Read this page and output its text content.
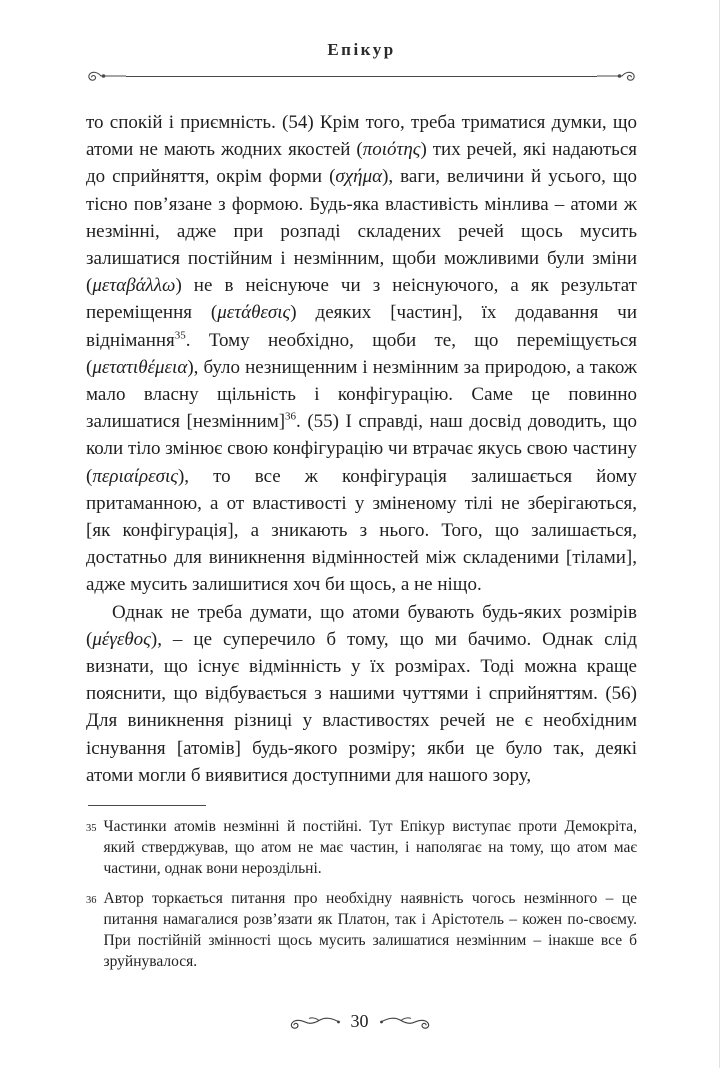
Епікур

то спокій і приємність. (54) Крім того, треба триматися думки, що атоми не мають жодних якостей (ποιότης) тих речей, які надаються до сприйняття, окрім форми (σχήμα), ваги, величини й усього, що тісно пов’язане з формою. Будь-яка властивість мінлива – атоми ж незмінні, адже при розпаді складених речей щось мусить залишатися постійним і незмінним, щоби можливими були зміни (μεταβάλλω) не в неіснуюче чи з неіснуючого, а як результат переміщення (μετάθεσις) деяких [частин], їх додавання чи віднімання$^{35}$. Тому необхідно, щоби те, що переміщується (μετατιθέμεια), було незнищенним і незмінним за природою, а також мало власну щільність і конфігурацію. Саме це повинно залишатися [незмінним]$^{36}$. (55) І справді, наш досвід доводить, що коли тіло змінює свою конфігурацію чи втрачає якусь свою частину (περιαίρεσις), то все ж конфігурація залишається йому притаманною, а от властивості у зміненому тілі не зберігаються, [як конфігурація], а зникають з нього. Того, що залишається, достатньо для виникнення відмінностей між складеними [тілами], адже мусить залишитися хоч би щось, а не ніщо.

Однак не треба думати, що атоми бувають будь-яких розмірів (μέγεθος), – це суперечило б тому, що ми бачимо. Однак слід визнати, що існує відмінність у їх розмірах. Тоді можна краще пояснити, що відбувається з нашими чуттями і сприйняттям. (56) Для виникнення різниці у властивостях речей не є необхідним існування [атомів] будь-якого розміру; якби це було так, деякі атоми могли б виявитися доступними для нашого зору,

35 Частинки атомів незмінні й постійні. Тут Епікур виступає проти Демокріта, який стверджував, що атом не має частин, і наполягає на тому, що атом має частини, однак вони нероздільні.
36 Автор торкається питання про необхідну наявність чогось незмінного – це питання намагалися розв’язати як Платон, так і Арістотель – кожен по-своєму. При постійній змінності щось мусить залишатися незмінним – інакше все б зруйнувалося.
30
